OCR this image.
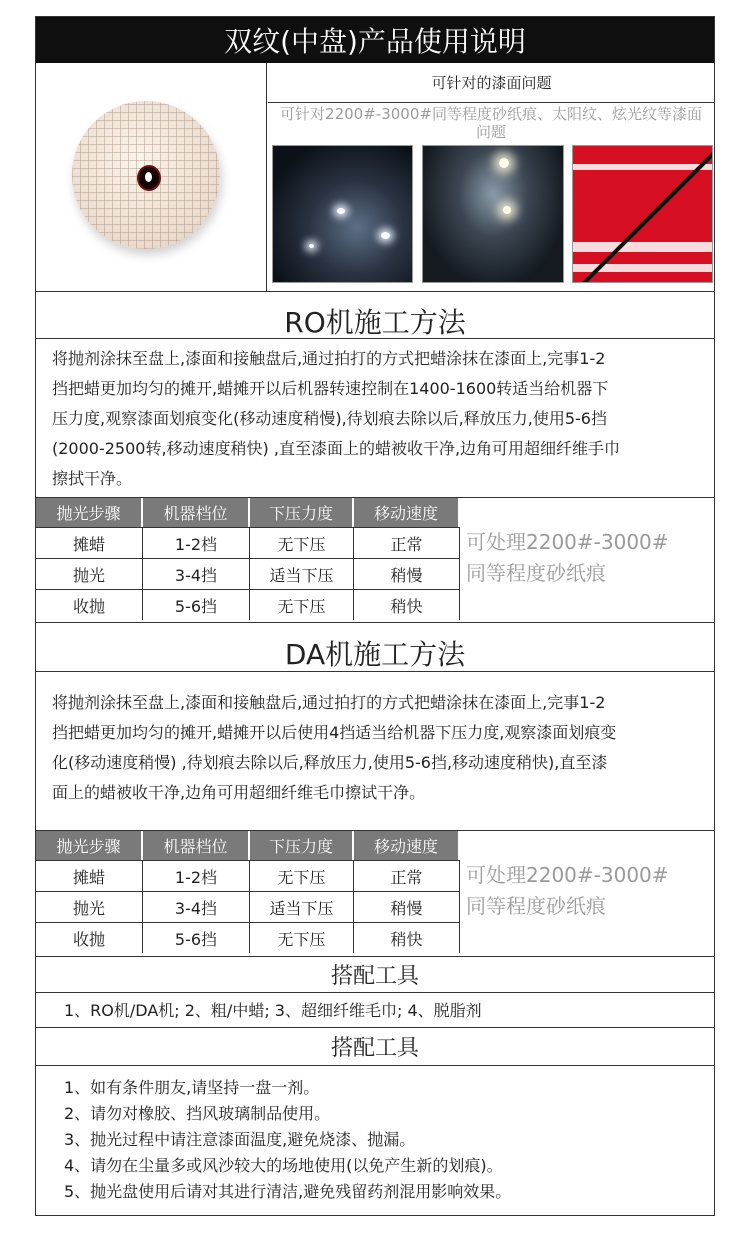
双纹(中盘)产品使用说明
可针对的漆面问题
可针对2200#-3000#同等程度砂纸痕、太阳纹、炫光纹等漆面问题
RO机施工方法
将抛剂涂抹至盘上,漆面和接触盘后,通过拍打的方式把蜡涂抹在漆面上,完事1-2
挡把蜡更加均匀的摊开,蜡摊开以后机器转速控制在1400-1600转适当给机器下
压力度,观察漆面划痕变化(移动速度稍慢),待划痕去除以后,释放压力,使用5-6挡
(2000-2500转,移动速度稍快) ,直至漆面上的蜡被收干净,边角可用超细纤维手巾
擦拭干净。
抛光步骤	机器档位	下压力度	移动速度
摊蜡	1-2档	无下压	正常
抛光	3-4挡	适当下压	稍慢
收抛	5-6挡	无下压	稍快
可处理2200#-3000#
同等程度砂纸痕
DA机施工方法
将抛剂涂抹至盘上,漆面和接触盘后,通过拍打的方式把蜡涂抹在漆面上,完事1-2
挡把蜡更加均匀的摊开,蜡摊开以后使用4挡适当给机器下压力度,观察漆面划痕变
化(移动速度稍慢) ,待划痕去除以后,释放压力,使用5-6挡,移动速度稍快),直至漆
面上的蜡被收干净,边角可用超细纤维毛巾擦试干净。
抛光步骤	机器档位	下压力度	移动速度
摊蜡	1-2档	无下压	正常
抛光	3-4挡	适当下压	稍慢
收抛	5-6挡	无下压	稍快
可处理2200#-3000#
同等程度砂纸痕
搭配工具
1、RO机/DA机; 2、粗/中蜡; 3、超细纤维毛巾; 4、脱脂剂
搭配工具
1、如有条件朋友,请坚持一盘一剂。
2、请勿对橡胶、挡风玻璃制品使用。
3、抛光过程中请注意漆面温度,避免烧漆、抛漏。
4、请勿在尘量多或风沙较大的场地使用(以免产生新的划痕)。
5、抛光盘使用后请对其进行清洁,避免残留药剂混用影响效果。
